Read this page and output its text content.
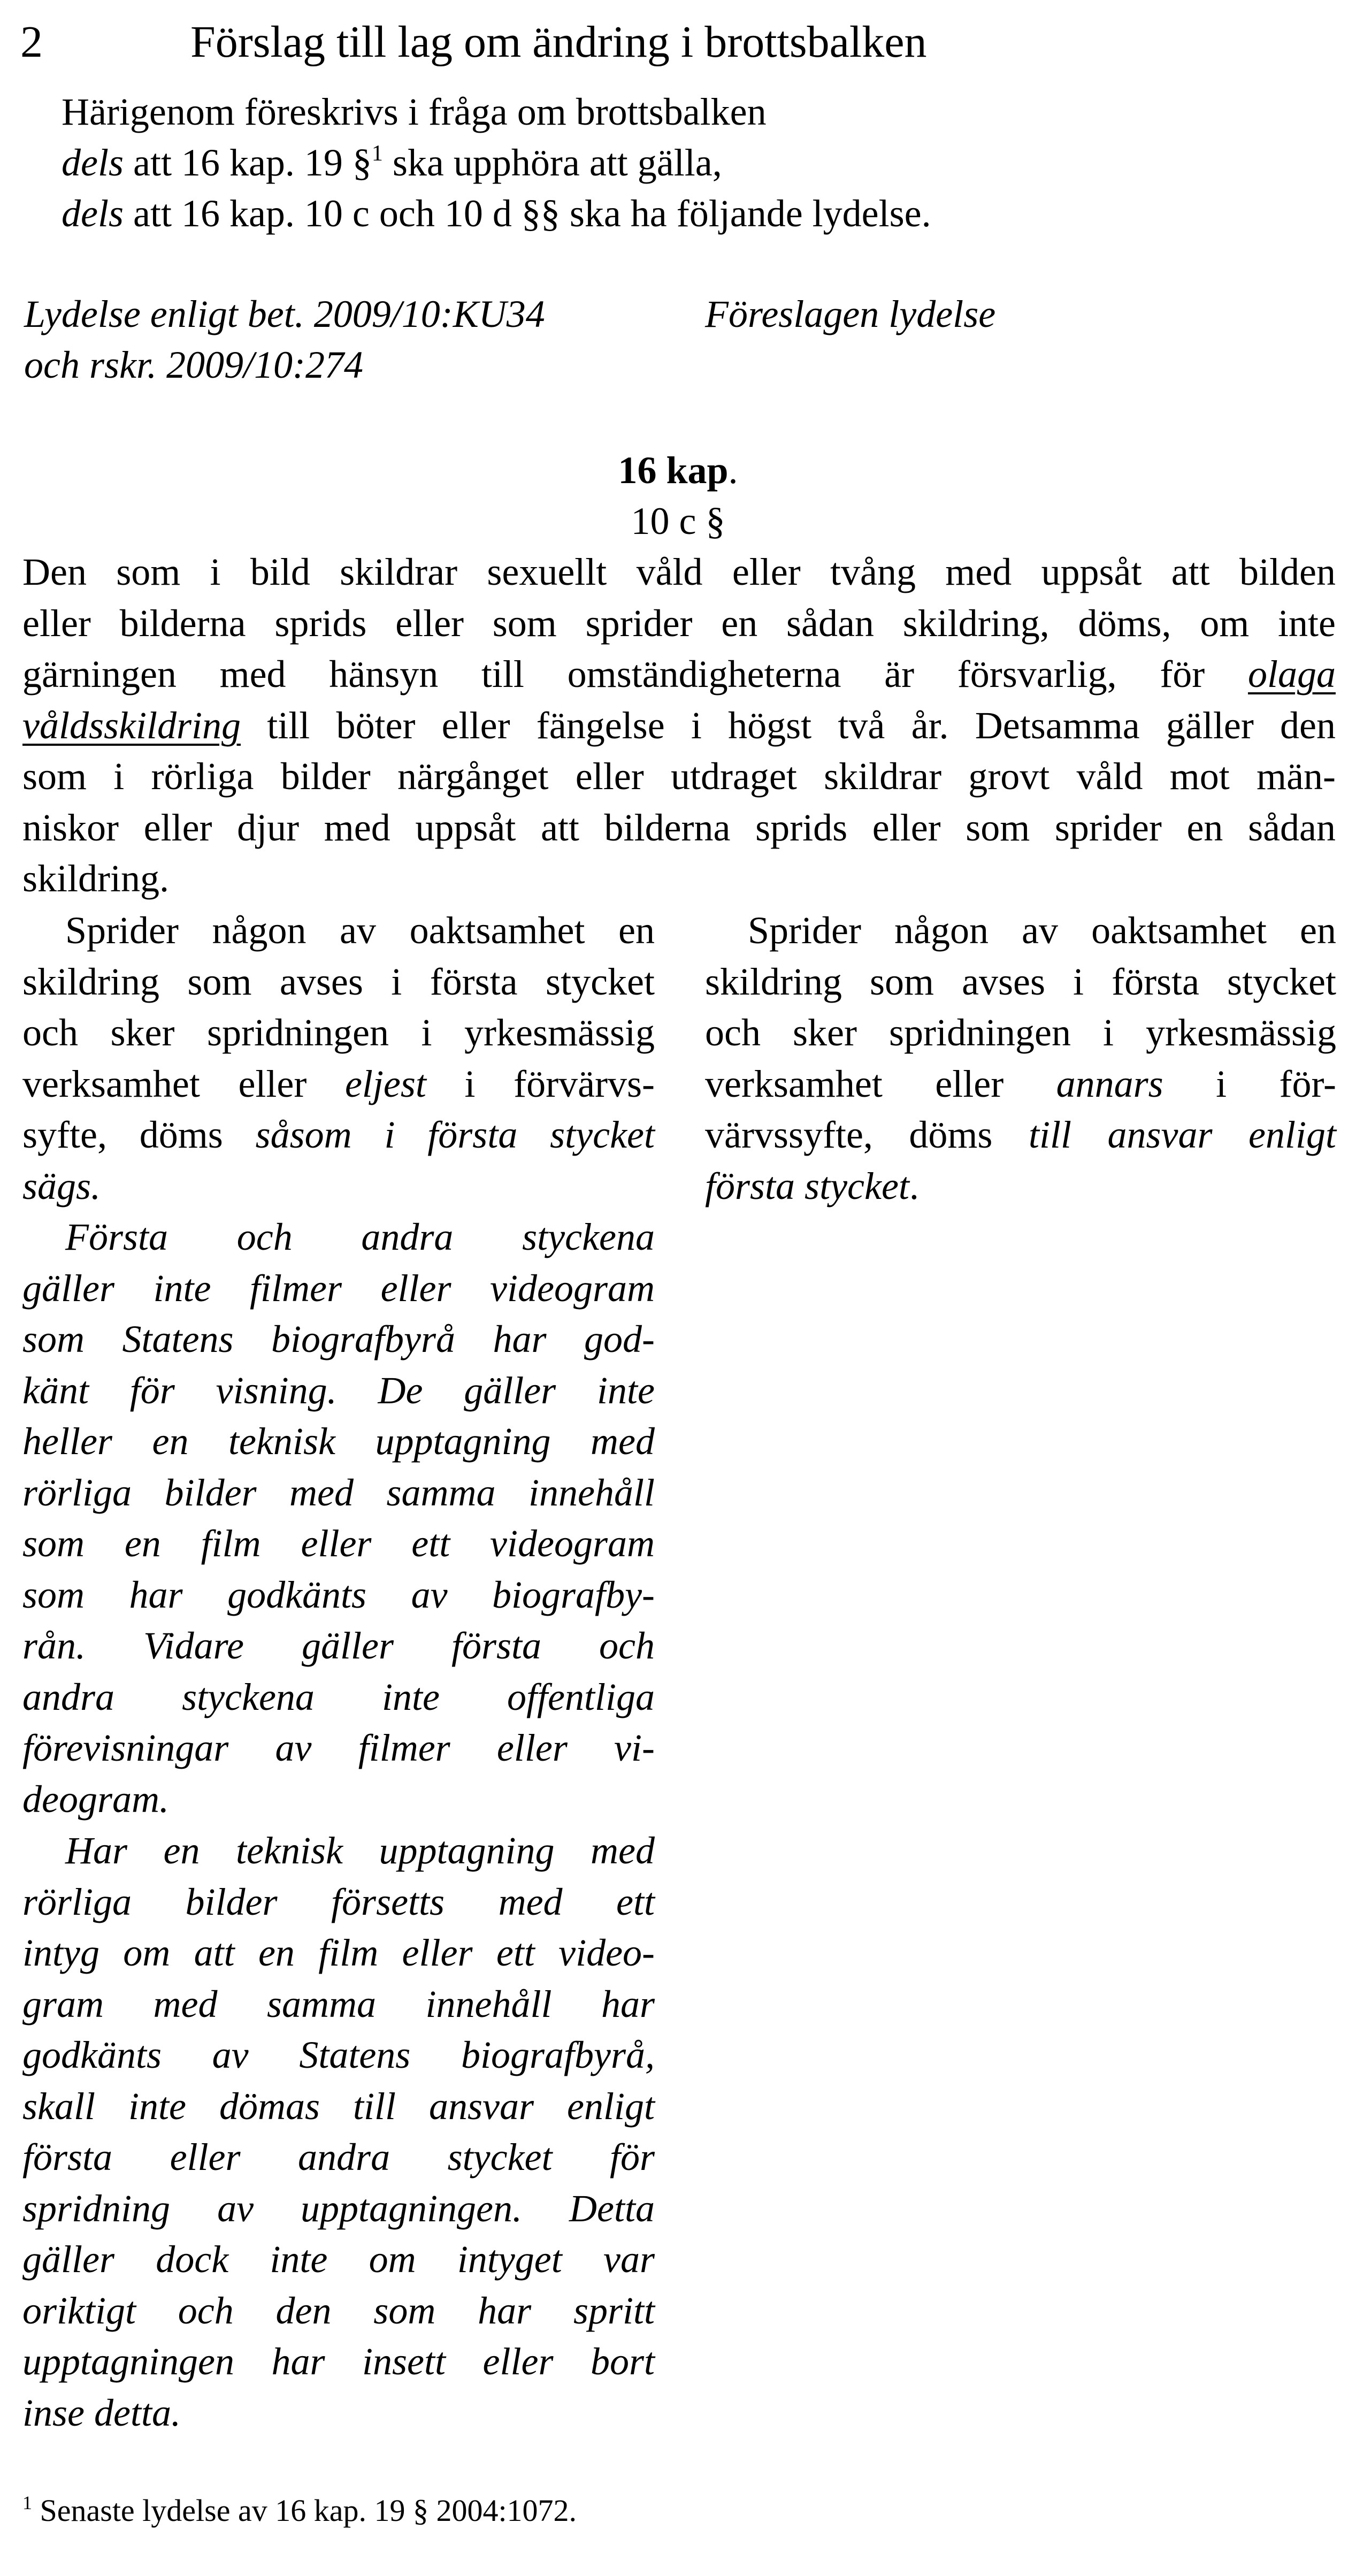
2	Förslag till lag om ändring i brottsbalken
Härigenom föreskrivs i fråga om brottsbalken
dels att 16 kap. 19 §$^1$ ska upphöra att gälla,
dels att 16 kap. 10 c och 10 d §§ ska ha följande lydelse.
Lydelse enligt bet. 2009/10:KU34
och rskr. 2009/10:274
Föreslagen lydelse
16 kap.
10 c §
Den som i bild skildrar sexuellt våld eller tvång med uppsåt att bilden
eller bilderna sprids eller som sprider en sådan skildring, döms, om inte
gärningen med hänsyn till omständigheterna är försvarlig, för olaga
våldsskildring till böter eller fängelse i högst två år. Detsamma gäller den
som i rörliga bilder närgånget eller utdraget skildrar grovt våld mot män-
niskor eller djur med uppsåt att bilderna sprids eller som sprider en sådan
skildring.
Sprider någon av oaktsamhet en
skildring som avses i första stycket
och sker spridningen i yrkesmässig
verksamhet eller eljest i förvärvs-
syfte, döms såsom i första stycket
sägs.
Sprider någon av oaktsamhet en
skildring som avses i första stycket
och sker spridningen i yrkesmässig
verksamhet eller annars i för-
värvssyfte, döms till ansvar enligt
första stycket.
Första och andra styckena
gäller inte filmer eller videogram
som Statens biografbyrå har god-
känt för visning. De gäller inte
heller en teknisk upptagning med
rörliga bilder med samma innehåll
som en film eller ett videogram
som har godkänts av biografby-
rån. Vidare gäller första och
andra styckena inte offentliga
förevisningar av filmer eller vi-
deogram.
Har en teknisk upptagning med
rörliga bilder försetts med ett
intyg om att en film eller ett video-
gram med samma innehåll har
godkänts av Statens biografbyrå,
skall inte dömas till ansvar enligt
första eller andra stycket för
spridning av upptagningen. Detta
gäller dock inte om intyget var
oriktigt och den som har spritt
upptagningen har insett eller bort
inse detta.
$^1$ Senaste lydelse av 16 kap. 19 § 2004:1072.
